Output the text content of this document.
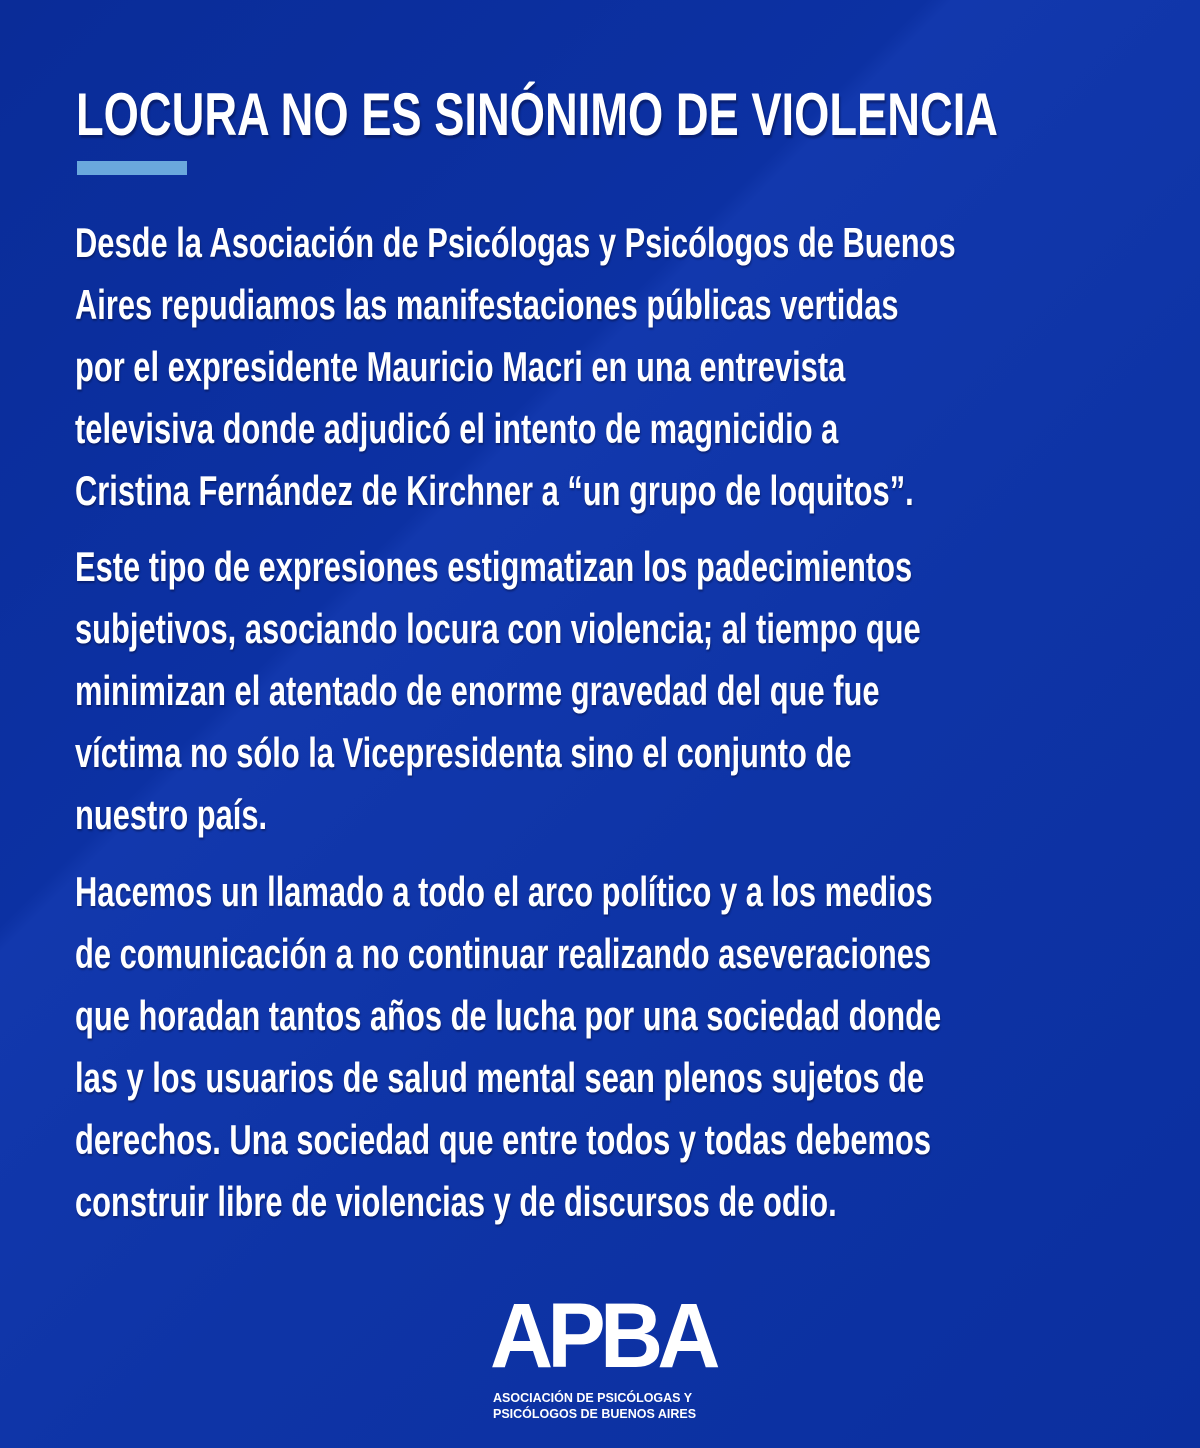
LOCURA NO ES SINÓNIMO DE VIOLENCIA
Desde la Asociación de Psicólogas y Psicólogos de Buenos
Aires repudiamos las manifestaciones públicas vertidas
por el expresidente Mauricio Macri en una entrevista
televisiva donde adjudicó el intento de magnicidio a
Cristina Fernández de Kirchner a “un grupo de loquitos”.
Este tipo de expresiones estigmatizan los padecimientos
subjetivos, asociando locura con violencia; al tiempo que
minimizan el atentado de enorme gravedad del que fue
víctima no sólo la Vicepresidenta sino el conjunto de
nuestro país.
Hacemos un llamado a todo el arco político y a los medios
de comunicación a no continuar realizando aseveraciones
que horadan tantos años de lucha por una sociedad donde
las y los usuarios de salud mental sean plenos sujetos de
derechos. Una sociedad que entre todos y todas debemos
construir libre de violencias y de discursos de odio.
APBA
ASOCIACIÓN DE PSICÓLOGAS Y
PSICÓLOGOS DE BUENOS AIRES
